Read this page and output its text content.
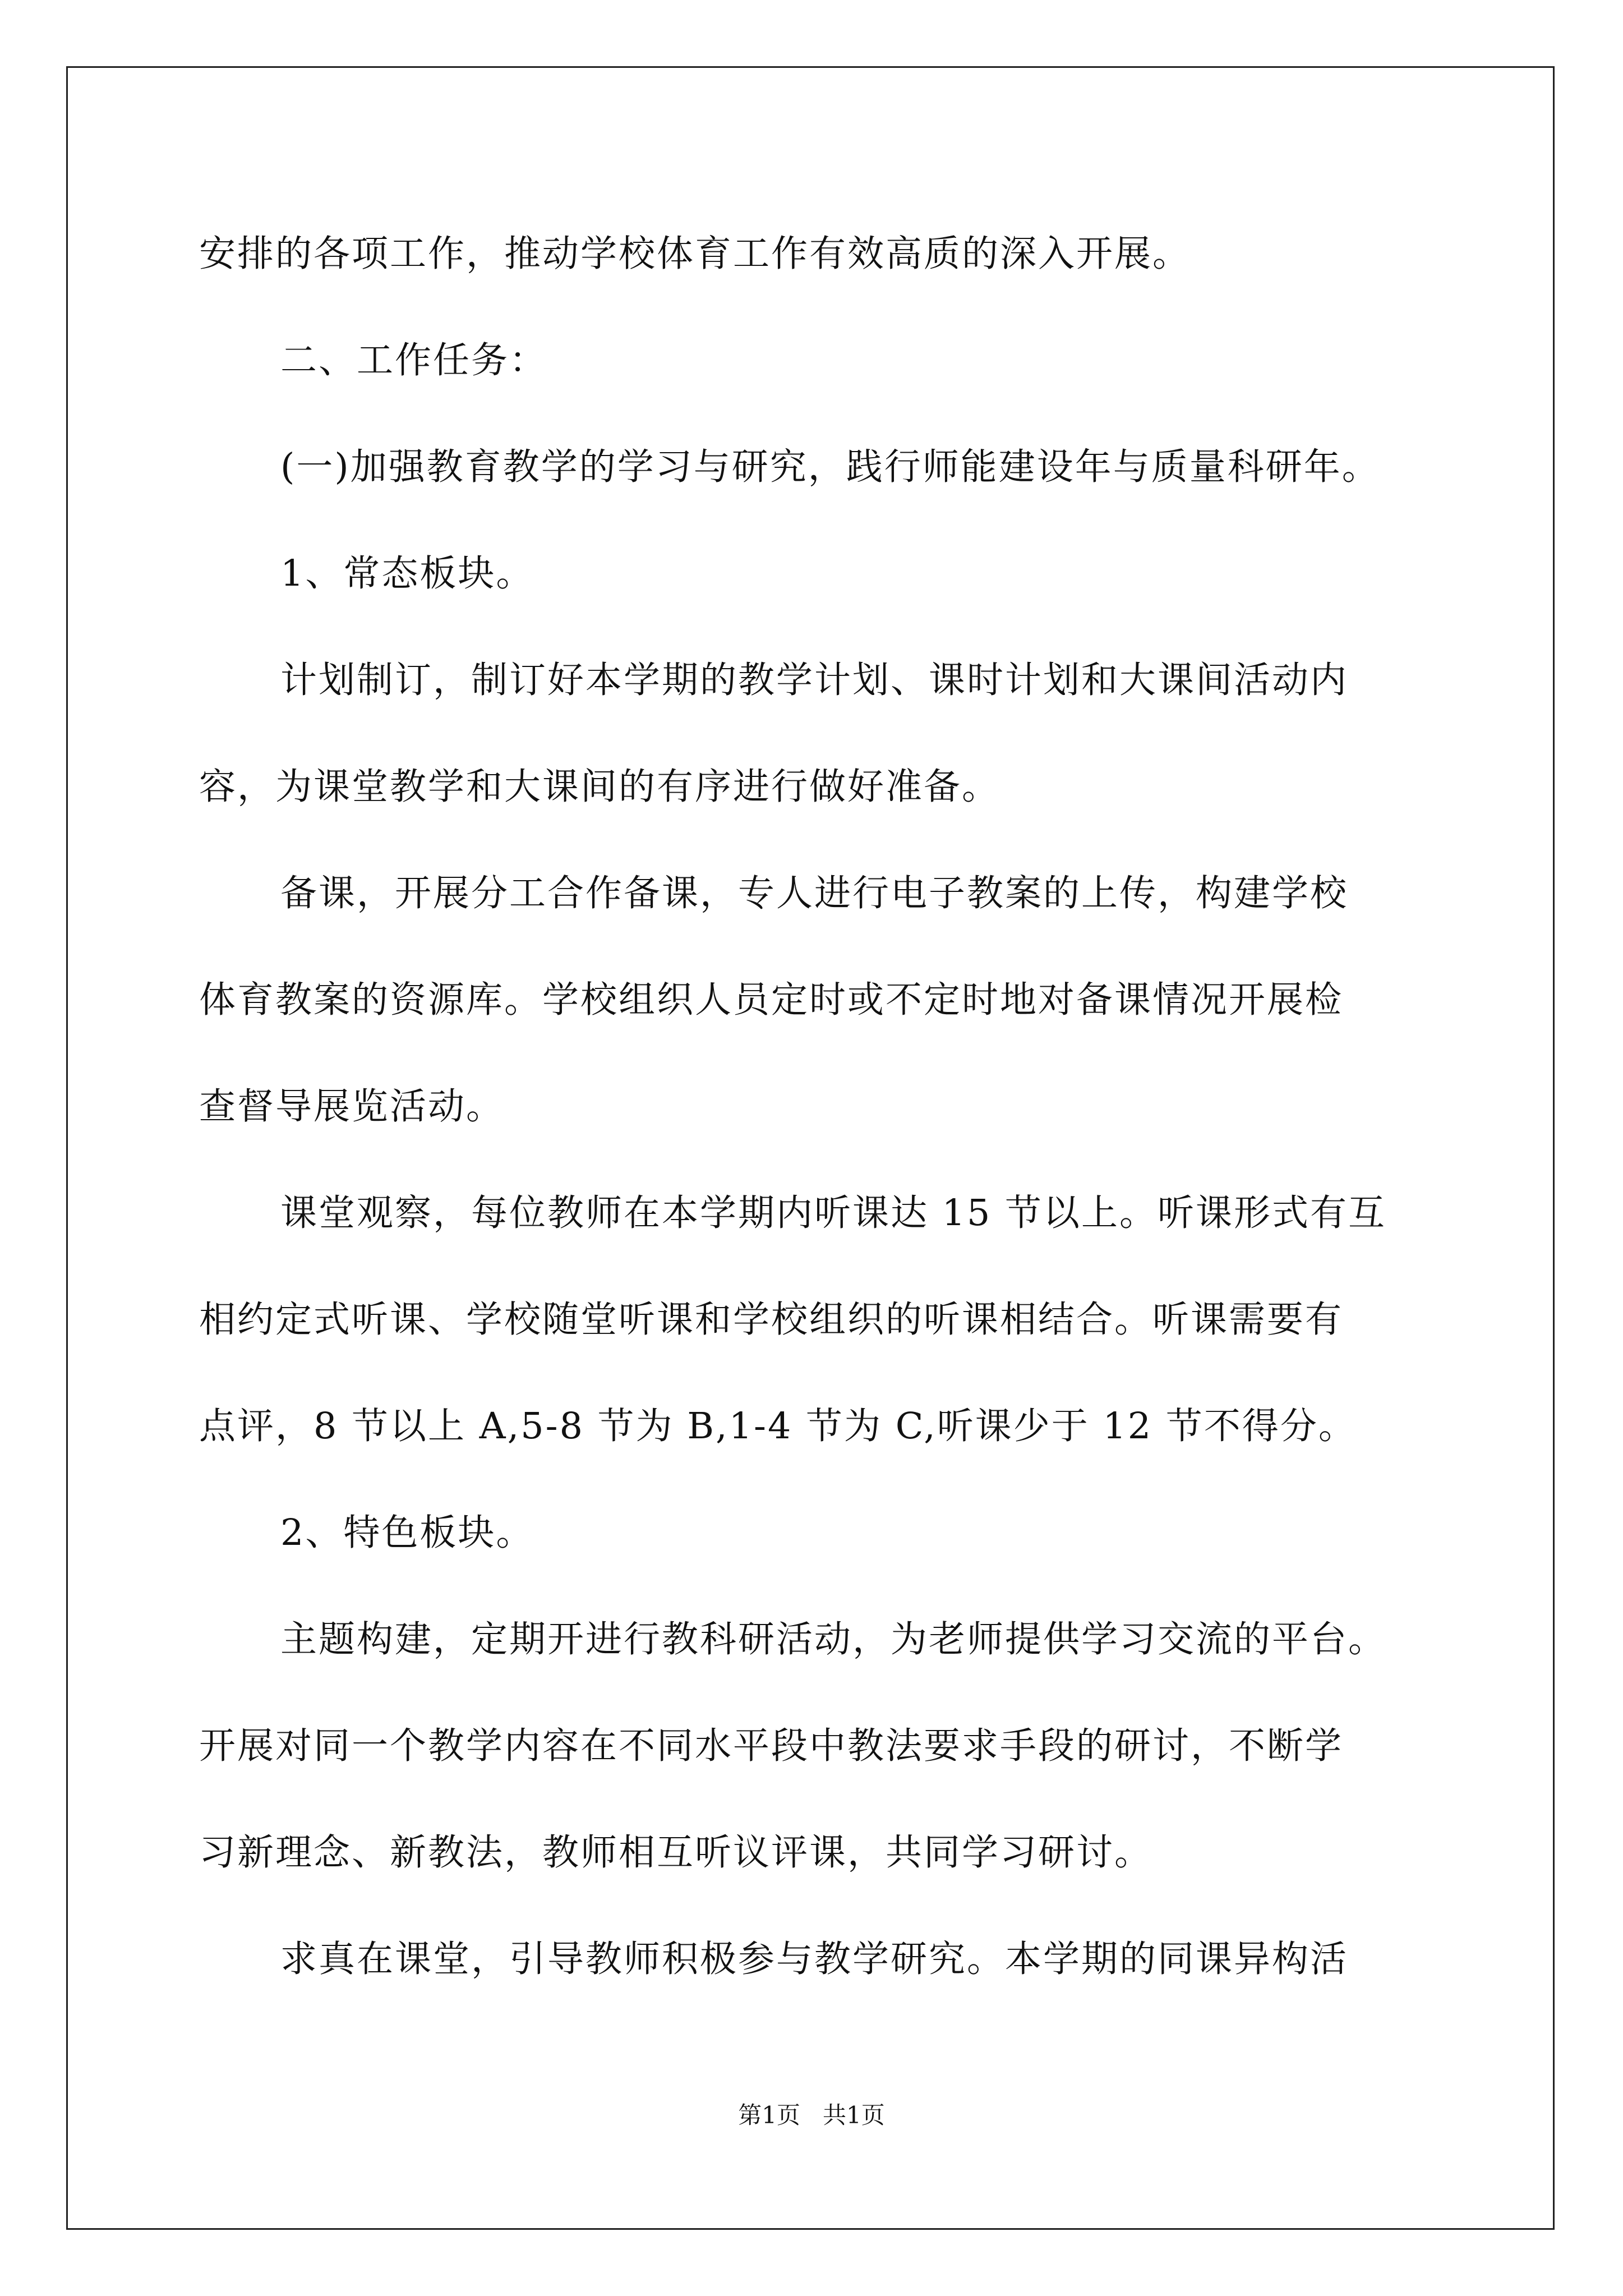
安排的各项工作，推动学校体育工作有效高质的深入开展。
二、工作任务：
(一)加强教育教学的学习与研究，践行师能建设年与质量科研年。
1、常态板块。
计划制订，制订好本学期的教学计划、课时计划和大课间活动内
容，为课堂教学和大课间的有序进行做好准备。
备课，开展分工合作备课，专人进行电子教案的上传，构建学校
体育教案的资源库。学校组织人员定时或不定时地对备课情况开展检
查督导展览活动。
课堂观察，每位教师在本学期内听课达 15 节以上。听课形式有互
相约定式听课、学校随堂听课和学校组织的听课相结合。听课需要有
点评，8 节以上 A,5-8 节为 B,1-4 节为 C,听课少于 12 节不得分。
2、特色板块。
主题构建，定期开进行教科研活动，为老师提供学习交流的平台。
开展对同一个教学内容在不同水平段中教法要求手段的研讨，不断学
习新理念、新教法，教师相互听议评课，共同学习研讨。
求真在课堂，引导教师积极参与教学研究。本学期的同课异构活
第1页   共1页
